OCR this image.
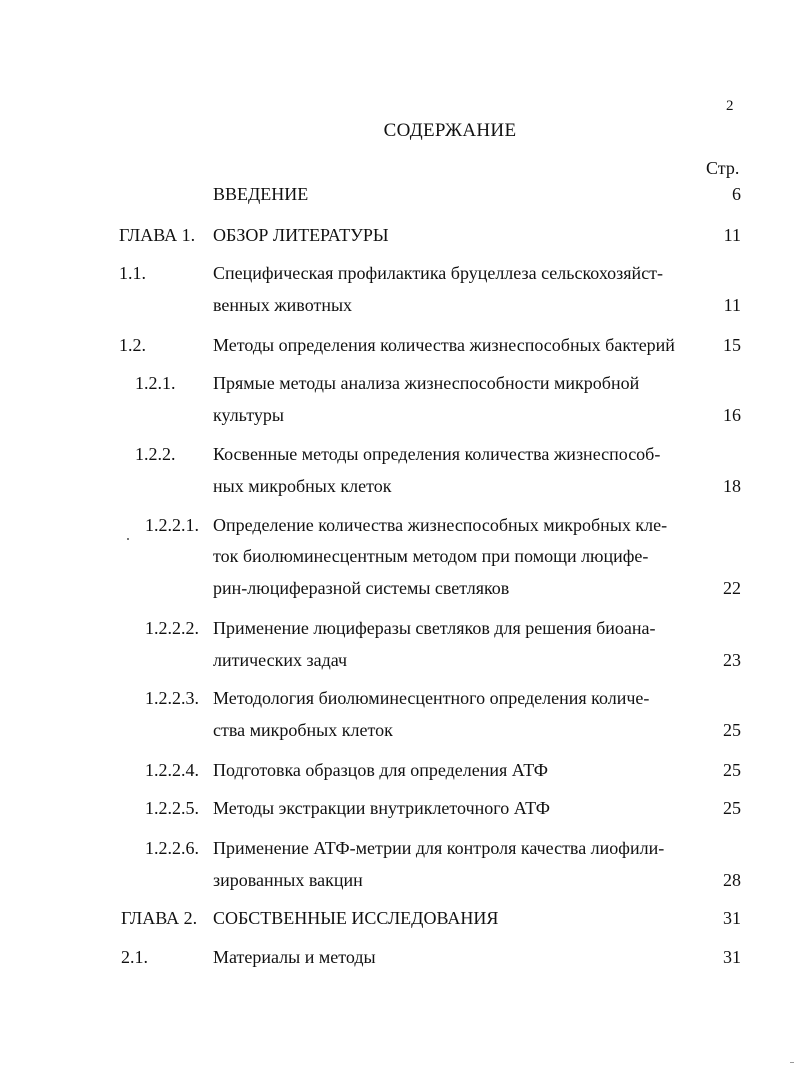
2
СОДЕРЖАНИЕ
Стр.
ВВЕДЕНИЕ	6
ГЛАВА 1. ОБЗОР ЛИТЕРАТУРЫ	11
1.1.	Специфическая профилактика бруцеллеза сельскохозяйст-
венных животных	11
1.2.	Методы определения количества жизнеспособных бактерий	15
1.2.1. Прямые методы анализа жизнеспособности микробной
культуры	16
1.2.2. Косвенные методы определения количества жизнеспособ-
ных микробных клеток	18
1.2.2.1. Определение количества жизнеспособных микробных кле-
ток биолюминесцентным методом при помощи люцифе-
рин-люциферазной системы светляков	22
1.2.2.2. Применение люциферазы светляков для решения биоана-
литических задач	23
1.2.2.3. Методология биолюминесцентного определения количе-
ства микробных клеток	25
1.2.2.4. Подготовка образцов для определения АТФ	25
1.2.2.5. Методы экстракции внутриклеточного АТФ	25
1.2.2.6. Применение АТФ-метрии для контроля качества лиофили-
зированных вакцин	28
ГЛАВА 2. СОБСТВЕННЫЕ ИССЛЕДОВАНИЯ	31
2.1.	Материалы и методы	31
